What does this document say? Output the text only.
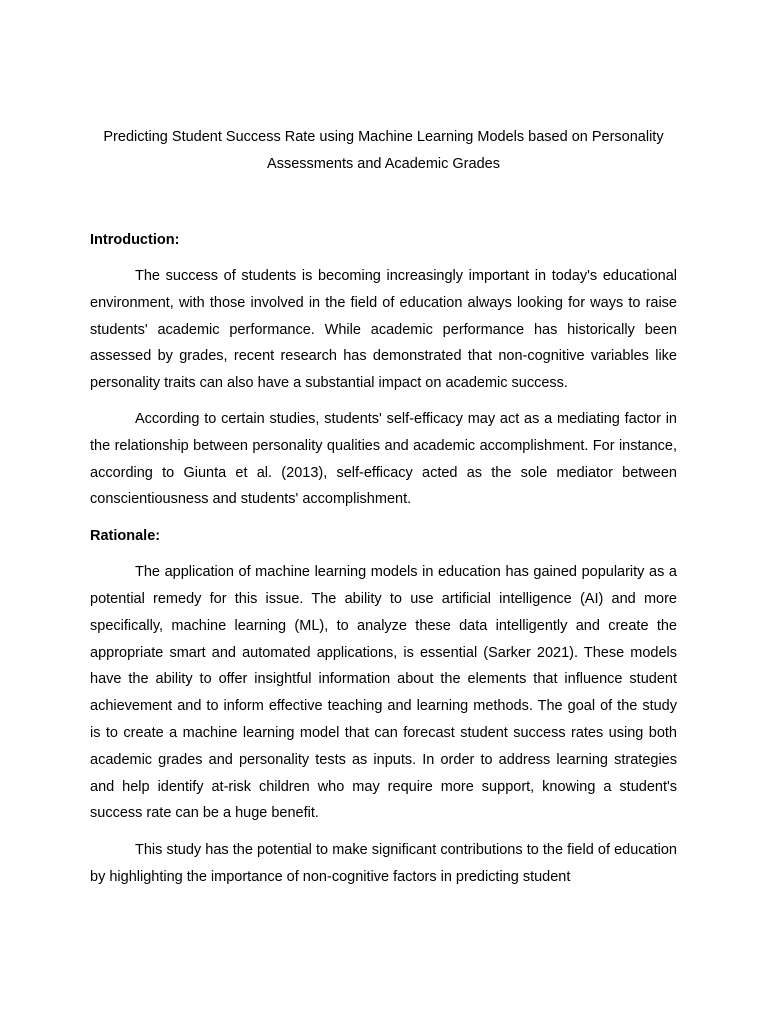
Predicting Student Success Rate using Machine Learning Models based on Personality
Assessments and Academic Grades
Introduction:

The success of students is becoming increasingly important in today's educational environment, with those involved in the field of education always looking for ways to raise students' academic performance. While academic performance has historically been assessed by grades, recent research has demonstrated that non-cognitive variables like personality traits can also have a substantial impact on academic success.

According to certain studies, students' self-efficacy may act as a mediating factor in the relationship between personality qualities and academic accomplishment. For instance, according to Giunta et al. (2013), self-efficacy acted as the sole mediator between conscientiousness and students' accomplishment.

Rationale:

The application of machine learning models in education has gained popularity as a potential remedy for this issue. The ability to use artificial intelligence (AI) and more specifically, machine learning (ML), to analyze these data intelligently and create the appropriate smart and automated applications, is essential (Sarker 2021). These models have the ability to offer insightful information about the elements that influence student achievement and to inform effective teaching and learning methods. The goal of the study is to create a machine learning model that can forecast student success rates using both academic grades and personality tests as inputs. In order to address learning strategies and help identify at-risk children who may require more support, knowing a student's success rate can be a huge benefit.

This study has the potential to make significant contributions to the field of education by highlighting the importance of non-cognitive factors in predicting student
